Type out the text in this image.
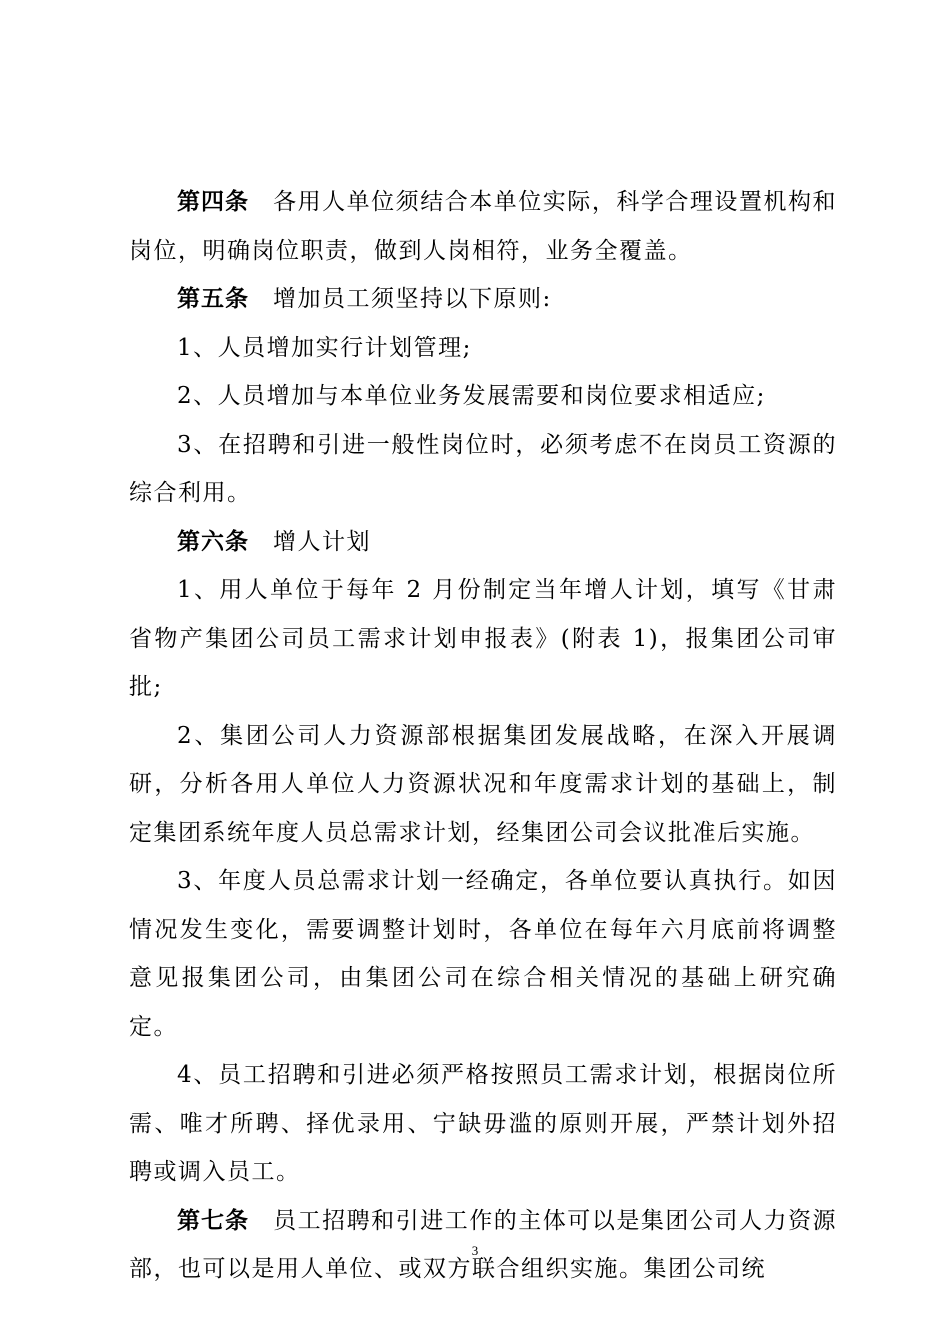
第四条 各用人单位须结合本单位实际，科学合理设置机构和岗位，明确岗位职责，做到人岗相符，业务全覆盖。

第五条 增加员工须坚持以下原则:

1、人员增加实行计划管理;

2、人员增加与本单位业务发展需要和岗位要求相适应;

3、在招聘和引进一般性岗位时，必须考虑不在岗员工资源的综合利用。

第六条 增人计划

1、用人单位于每年 2 月份制定当年增人计划，填写《甘肃省物产集团公司员工需求计划申报表》(附表 1)，报集团公司审批;

2、集团公司人力资源部根据集团发展战略，在深入开展调研，分析各用人单位人力资源状况和年度需求计划的基础上，制定集团系统年度人员总需求计划，经集团公司会议批准后实施。

3、年度人员总需求计划一经确定，各单位要认真执行。如因情况发生变化，需要调整计划时，各单位在每年六月底前将调整意见报集团公司，由集团公司在综合相关情况的基础上研究确定。

4、员工招聘和引进必须严格按照员工需求计划，根据岗位所需、唯才所聘、择优录用、宁缺毋滥的原则开展，严禁计划外招聘或调入员工。

第七条 员工招聘和引进工作的主体可以是集团公司人力资源部，也可以是用人单位、或双方联合组织实施。集团公司统

3
